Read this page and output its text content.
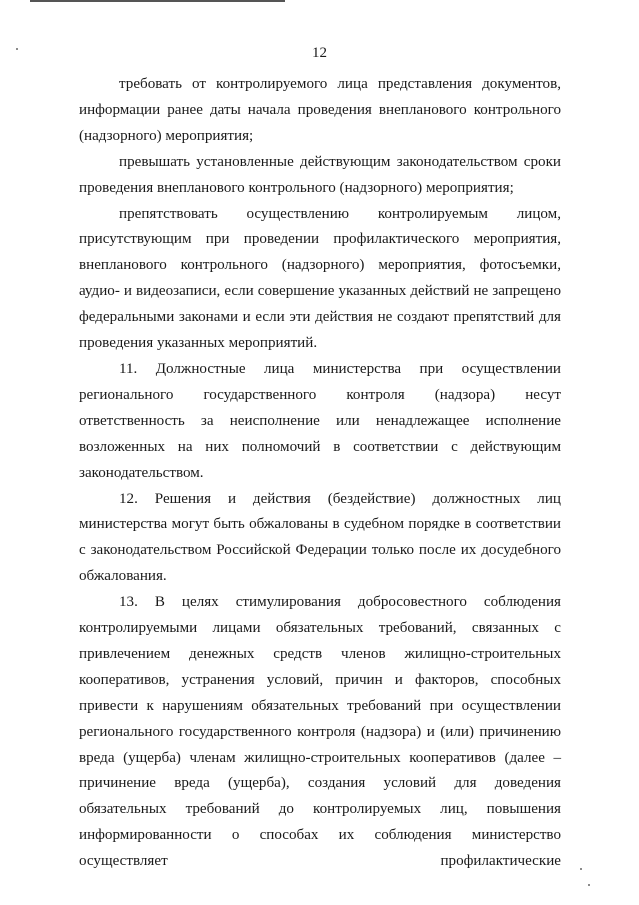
12

требовать от контролируемого лица представления документов, информации ранее даты начала проведения внепланового контрольного (надзорного) мероприятия;

превышать установленные действующим законодательством сроки проведения внепланового контрольного (надзорного) мероприятия;

препятствовать осуществлению контролируемым лицом, присутствующим при проведении профилактического мероприятия, внепланового контрольного (надзорного) мероприятия, фотосъемки, аудио- и видеозаписи, если совершение указанных действий не запрещено федеральными законами и если эти действия не создают препятствий для проведения указанных мероприятий.

11. Должностные лица министерства при осуществлении регионального государственного контроля (надзора) несут ответственность за неисполнение или ненадлежащее исполнение возложенных на них полномочий в соответствии с действующим законодательством.

12. Решения и действия (бездействие) должностных лиц министерства могут быть обжалованы в судебном порядке в соответствии с законодательством Российской Федерации только после их досудебного обжалования.

13. В целях стимулирования добросовестного соблюдения контролируемыми лицами обязательных требований, связанных с привлечением денежных средств членов жилищно-строительных кооперативов, устранения условий, причин и факторов, способных привести к нарушениям обязательных требований при осуществлении регионального государственного контроля (надзора) и (или) причинению вреда (ущерба) членам жилищно-строительных кооперативов (далее – причинение вреда (ущерба), создания условий для доведения обязательных требований до контролируемых лиц, повышения информированности о способах их соблюдения министерство осуществляет профилактические
